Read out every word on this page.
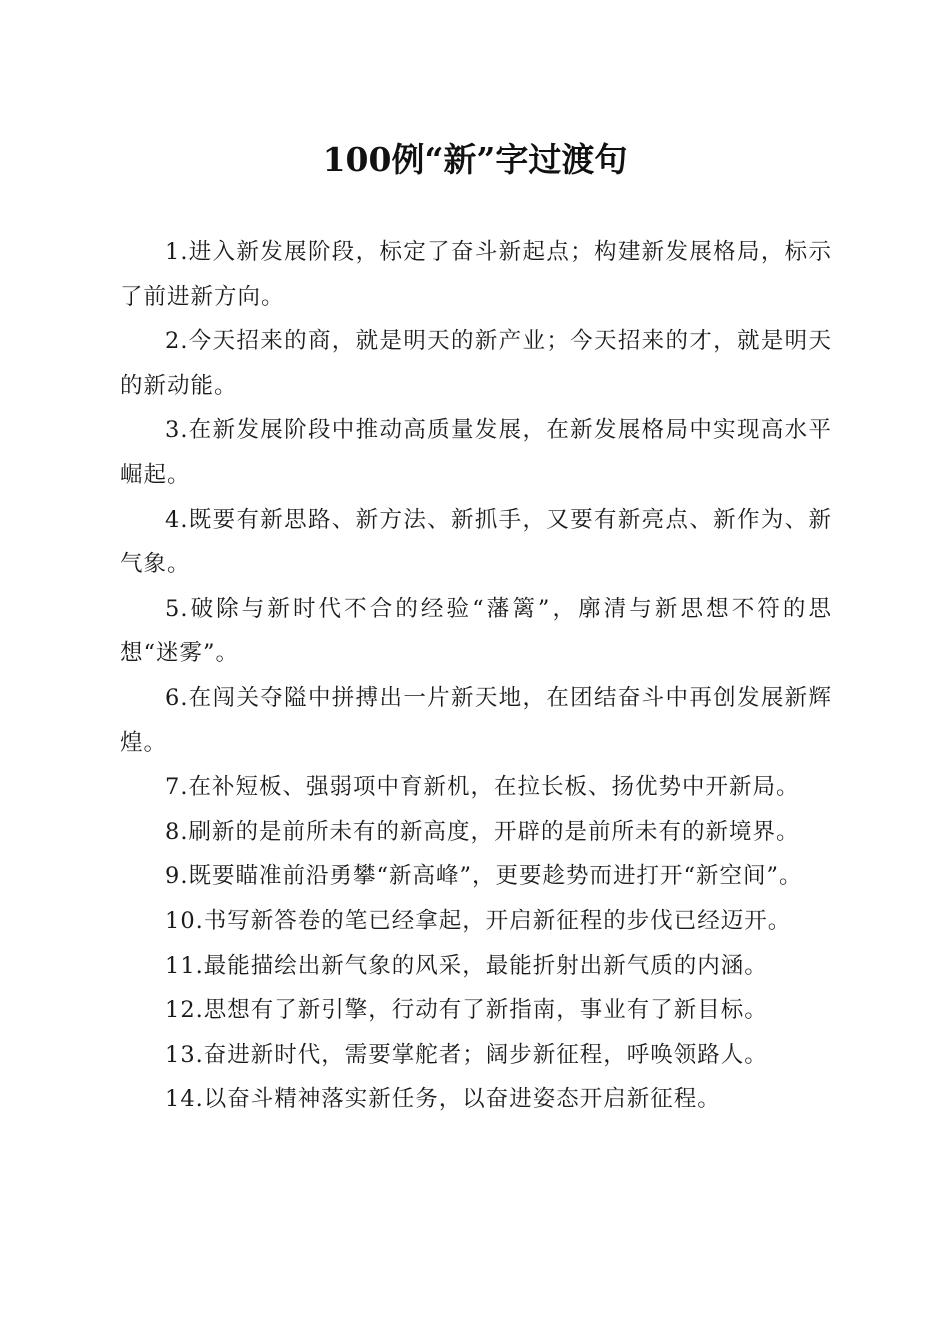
100例“新”字过渡句

1.进入新发展阶段，标定了奋斗新起点；构建新发展格局，标示了前进新方向。

2.今天招来的商，就是明天的新产业；今天招来的才，就是明天的新动能。

3.在新发展阶段中推动高质量发展，在新发展格局中实现高水平崛起。

4.既要有新思路、新方法、新抓手，又要有新亮点、新作为、新气象。

5.破除与新时代不合的经验“藩篱”，廓清与新思想不符的思想“迷雾”。

6.在闯关夺隘中拼搏出一片新天地，在团结奋斗中再创发展新辉煌。

7.在补短板、强弱项中育新机，在拉长板、扬优势中开新局。

8.刷新的是前所未有的新高度，开辟的是前所未有的新境界。

9.既要瞄准前沿勇攀“新高峰”，更要趁势而进打开“新空间”。

10.书写新答卷的笔已经拿起，开启新征程的步伐已经迈开。

11.最能描绘出新气象的风采，最能折射出新气质的内涵。

12.思想有了新引擎，行动有了新指南，事业有了新目标。

13.奋进新时代，需要掌舵者；阔步新征程，呼唤领路人。

14.以奋斗精神落实新任务，以奋进姿态开启新征程。
